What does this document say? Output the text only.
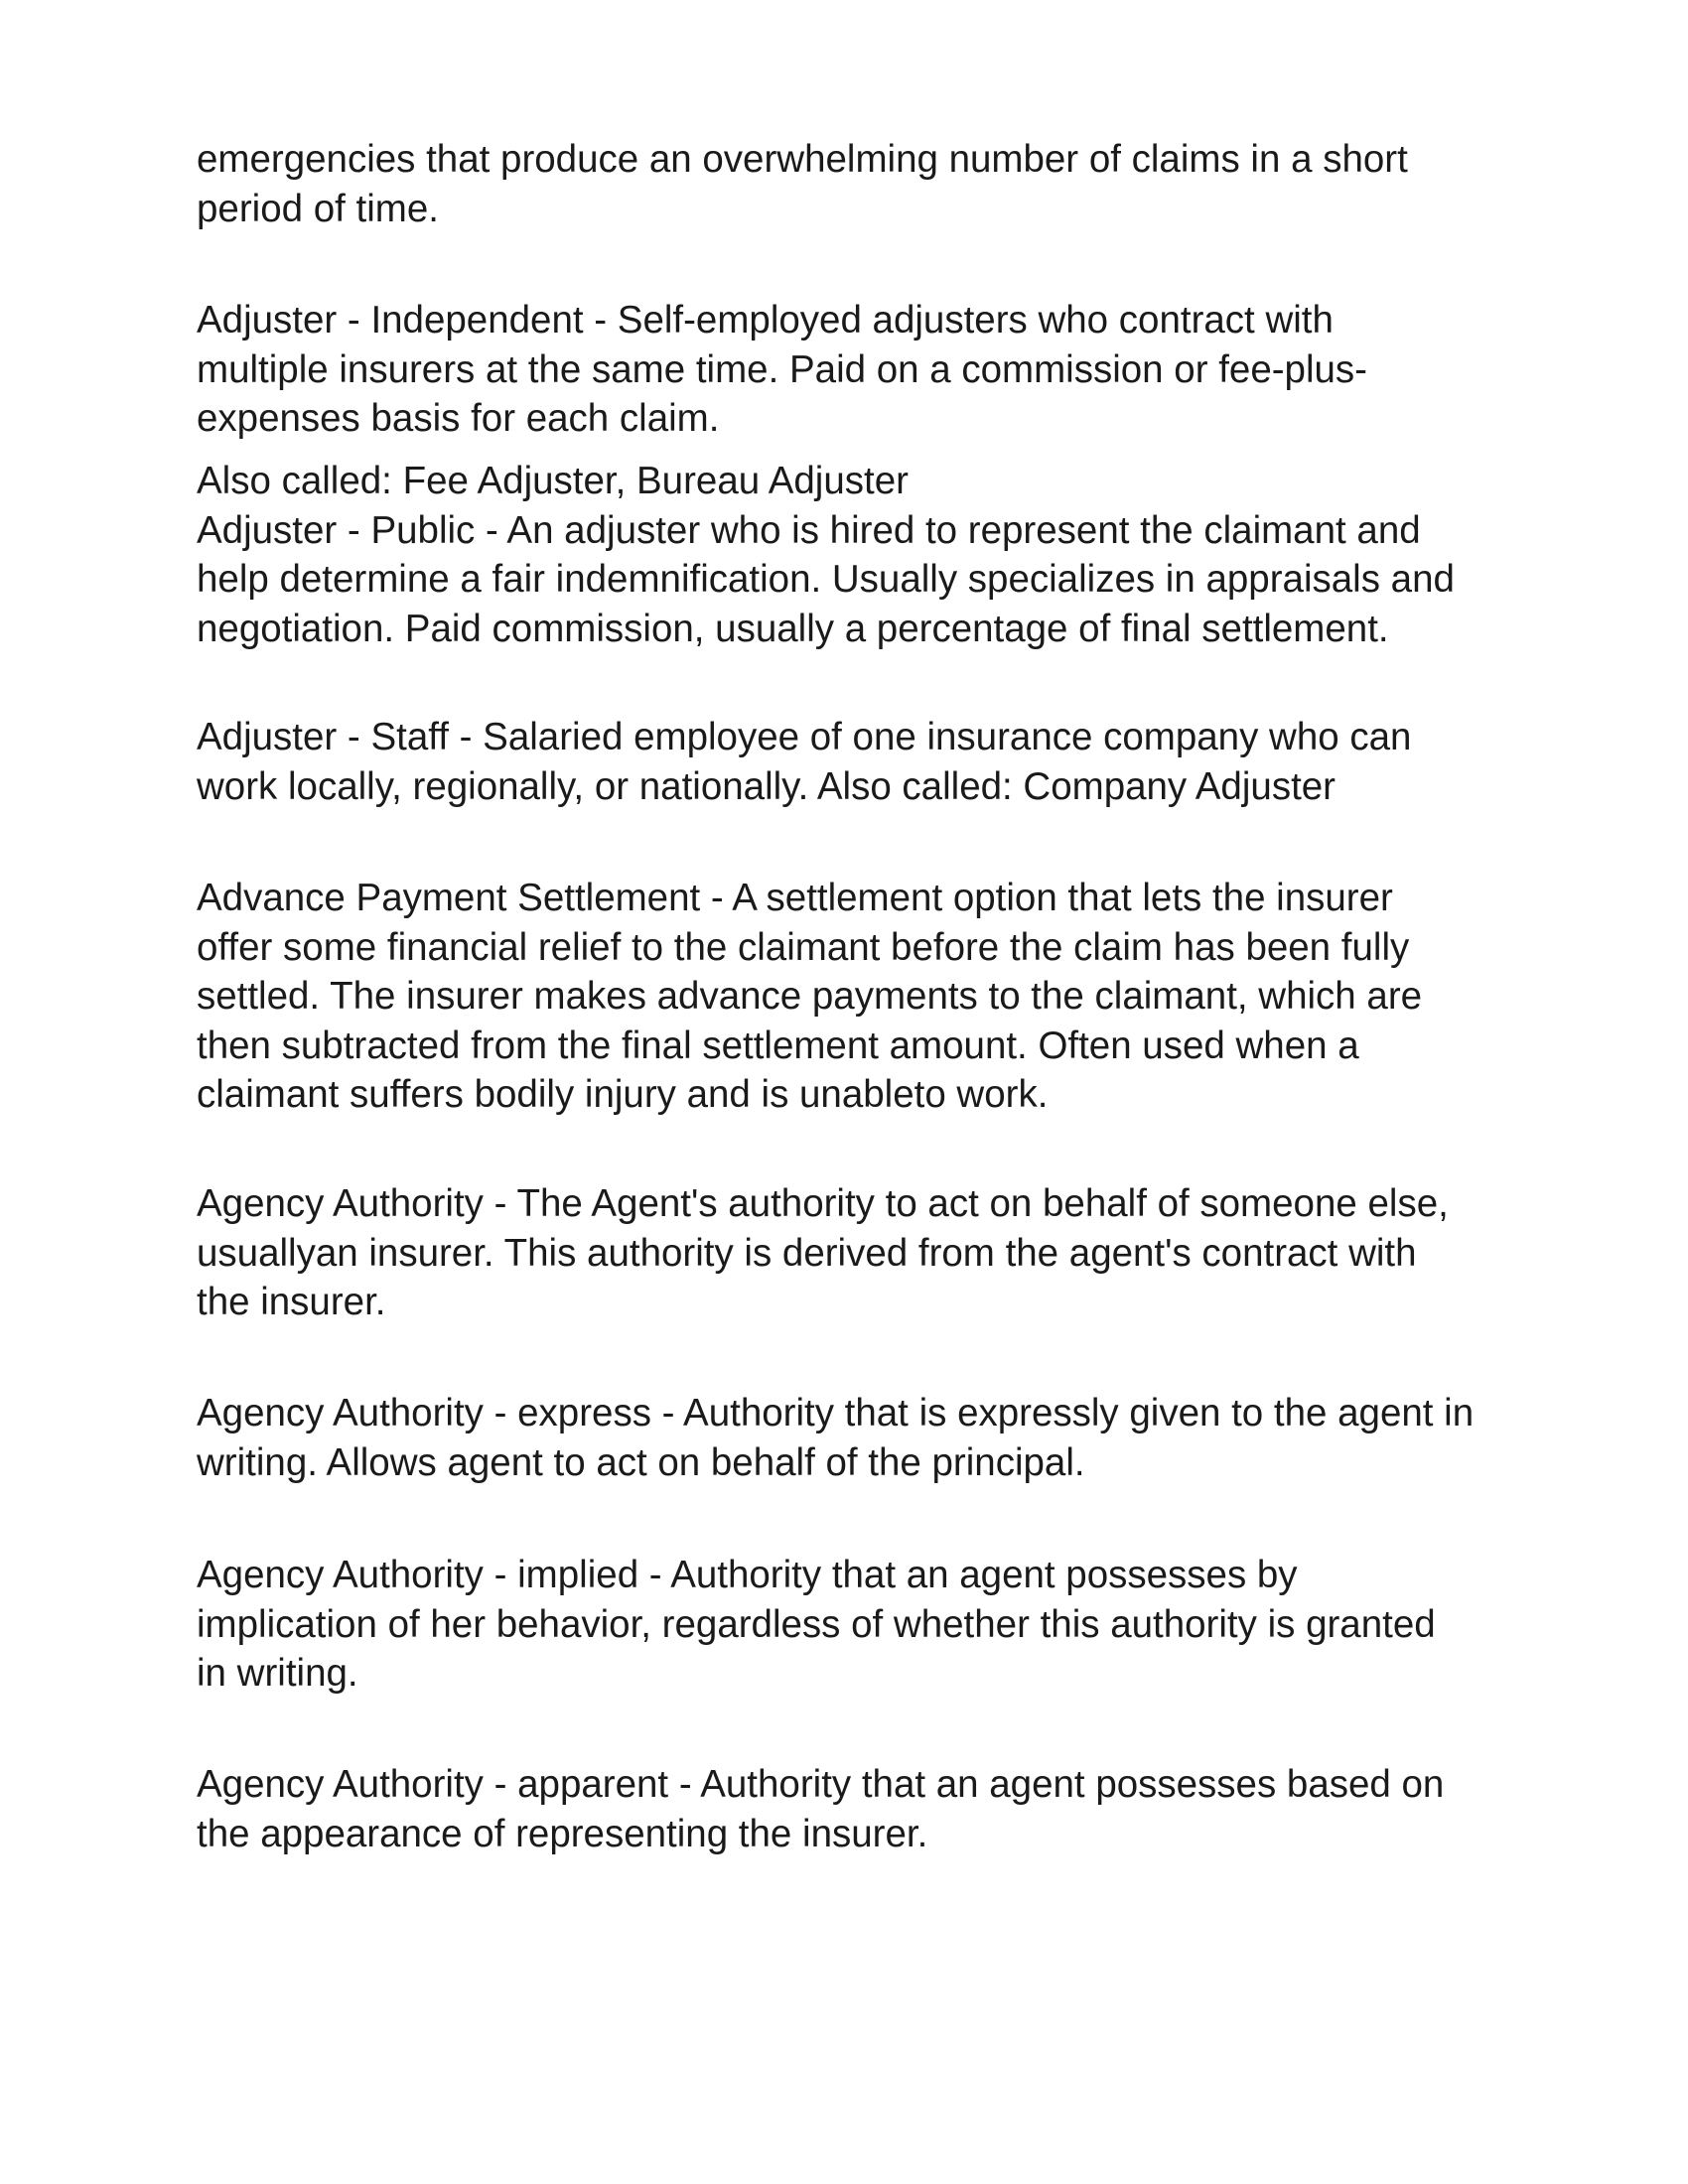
emergencies that produce an overwhelming number of claims in a short
period of time.

Adjuster - Independent - Self-employed adjusters who contract with
multiple insurers at the same time. Paid on a commission or fee-plus-
expenses basis for each claim.

Also called: Fee Adjuster, Bureau Adjuster
Adjuster - Public - An adjuster who is hired to represent the claimant and
help determine a fair indemnification. Usually specializes in appraisals and
negotiation. Paid commission, usually a percentage of final settlement.

Adjuster - Staff - Salaried employee of one insurance company who can
work locally, regionally, or nationally. Also called: Company Adjuster

Advance Payment Settlement - A settlement option that lets the insurer
offer some financial relief to the claimant before the claim has been fully
settled. The insurer makes advance payments to the claimant, which are
then subtracted from the final settlement amount. Often used when a
claimant suffers bodily injury and is unableto work.

Agency Authority - The Agent's authority to act on behalf of someone else,
usuallyan insurer. This authority is derived from the agent's contract with
the insurer.

Agency Authority - express - Authority that is expressly given to the agent in
writing. Allows agent to act on behalf of the principal.

Agency Authority - implied - Authority that an agent possesses by
implication of her behavior, regardless of whether this authority is granted
in writing.

Agency Authority - apparent - Authority that an agent possesses based on
the appearance of representing the insurer.
